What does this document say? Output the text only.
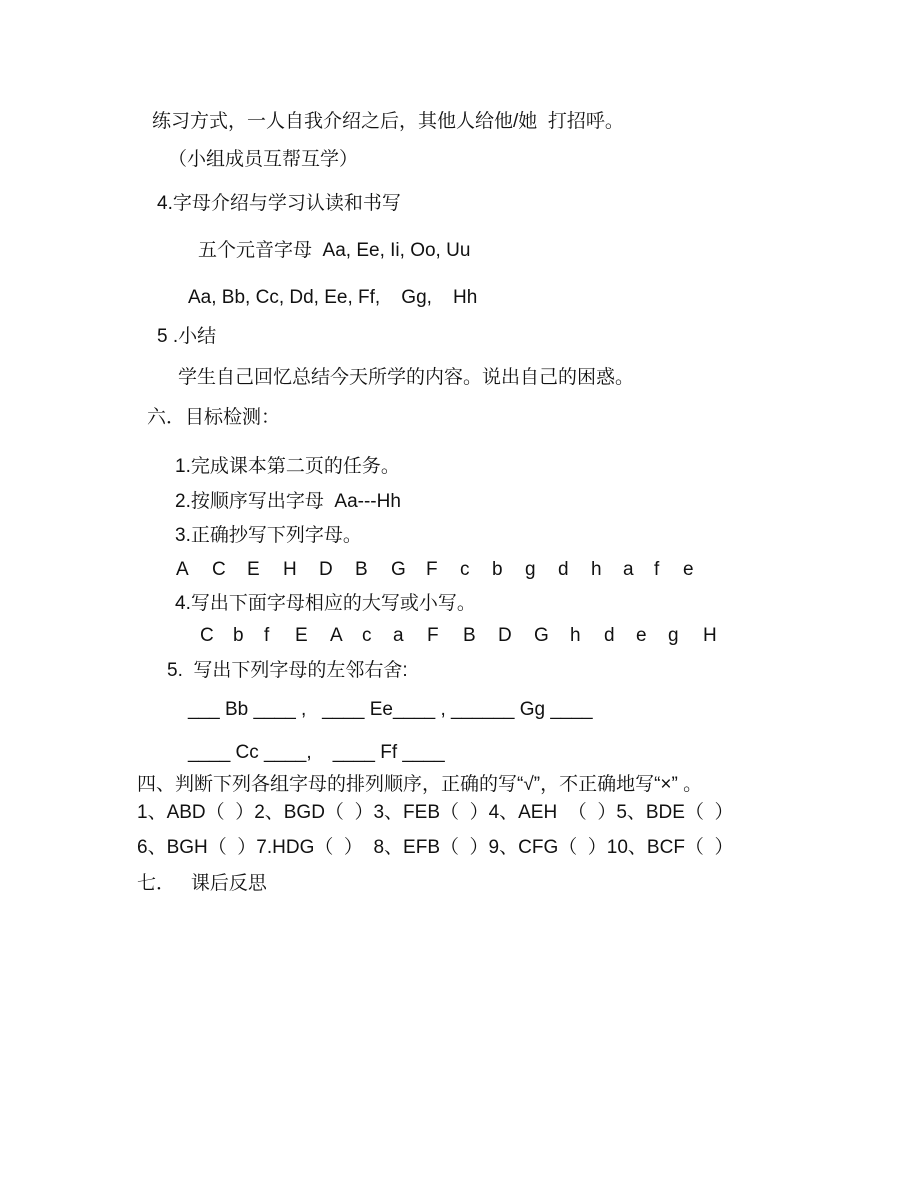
练习方式，一人自我介绍之后，其他人给他/她  打招呼。
（小组成员互帮互学）
4.字母介绍与学习认读和书写
五个元音字母  Aa, Ee, Ii, Oo, Uu
Aa, Bb, Cc, Dd, Ee, Ff,    Gg,    Hh
5 .小结
学生自己回忆总结今天所学的内容。说出自己的困惑。
六．目标检测：
1.完成课本第二页的任务。
2.按顺序写出字母  Aa---Hh
3.正确抄写下列字母。
4.写出下面字母相应的大写或小写。
5.  写出下列字母的左邻右舍:
___ Bb ____ ,   ____ Ee____ , ______ Gg ____
____ Cc ____,    ____ Ff ____
四、判断下列各组字母的排列顺序，正确的写“√”，不正确地写“×” 。
1、ABD（  ）2、BGD（  ）3、FEB（  ）4、AEH  （  ）5、BDE（  ）
6、BGH（  ）7.HDG（  ）  8、EFB（  ）9、CFG（  ）10、BCF（  ）
七．   课后反思
A C E H D B G F c b g d h a f e
C b f E A c a F B D G h d e g H
